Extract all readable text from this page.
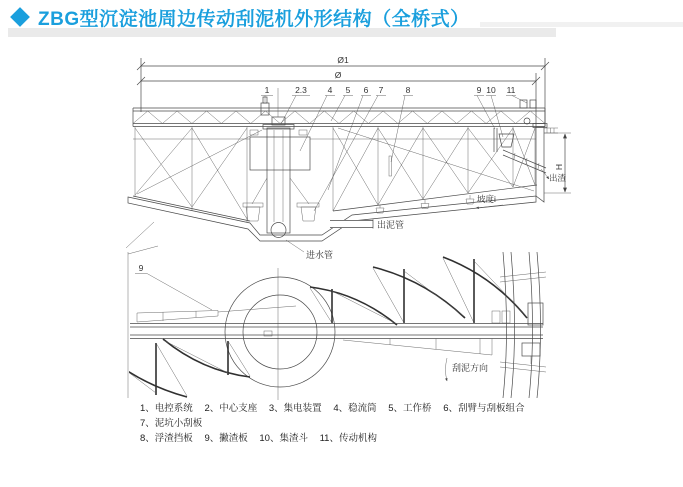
ZBG型沉淀池周边传动刮泥机外形结构（全桥式）
Ø1
Ø
1	2.3 4 5 6 7	8	9 10 11
H
出渣
坡度i
出泥管
进水管
9
刮泥方向
1、电控系统 2、中心支座 3、集电装置 4、稳流筒 5、工作桥 6、刮臂与刮板组合 7、泥坑小刮板
8、浮渣挡板 9、撇渣板 10、集渣斗 11、传动机构
